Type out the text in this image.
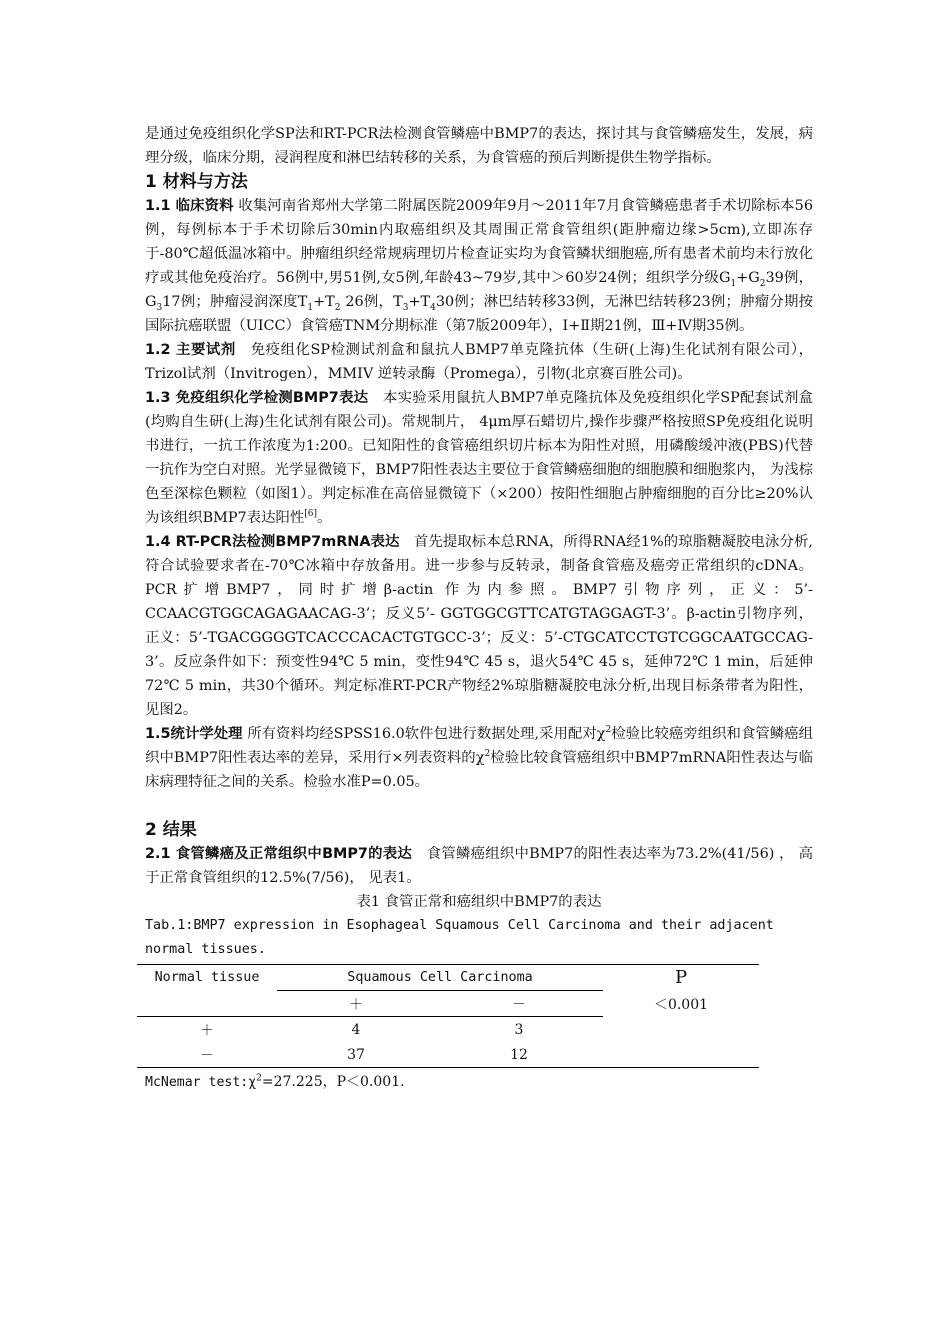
是通过免疫组织化学SP法和RT-PCR法检测食管鳞癌中BMP7的表达，探讨其与食管鳞癌发生，发展，病理分级，临床分期，浸润程度和淋巴结转移的关系，为食管癌的预后判断提供生物学指标。

1 材料与方法

1.1 临床资料 收集河南省郑州大学第二附属医院2009年9月～2011年7月食管鳞癌患者手术切除标本56例，每例标本于手术切除后30min内取癌组织及其周围正常食管组织(距肿瘤边缘>5cm),立即冻存于-80℃超低温冰箱中。肿瘤组织经常规病理切片检查证实均为食管鳞状细胞癌,所有患者术前均未行放化疗或其他免疫治疗。56例中,男51例,女5例,年龄43~79岁,其中＞60岁24例；组织学分级$G_1+G_239$例，$G_317$例；肿瘤浸润深度$T_1+T_2$ 26例，$T_3+T_430$例；淋巴结转移33例，无淋巴结转移23例；肿瘤分期按国际抗癌联盟（UICC）食管癌TNM分期标准（第7版2009年），Ⅰ+Ⅱ期21例，Ⅲ+Ⅳ期35例。

1.2 主要试剂　免疫组化SP检测试剂盒和鼠抗人BMP7单克隆抗体（生研(上海)生化试剂有限公司），Trizol试剂（Invitrogen），MMIV 逆转录酶（Promega），引物(北京赛百胜公司)。

1.3 免疫组织化学检测BMP7表达　本实验采用鼠抗人BMP7单克隆抗体及免疫组织化学SP配套试剂盒(均购自生研(上海)生化试剂有限公司)。常规制片， 4μm厚石蜡切片,操作步骤严格按照SP免疫组化说明书进行，一抗工作浓度为1:200。已知阳性的食管癌组织切片标本为阳性对照，用磷酸缓冲液(PBS)代替一抗作为空白对照。光学显微镜下，BMP7阳性表达主要位于食管鳞癌细胞的细胞膜和细胞浆内， 为浅棕色至深棕色颗粒（如图1）。判定标准在高倍显微镜下（×200）按阳性细胞占肿瘤细胞的百分比≥20%认为该组织BMP7表达阳性[6]。

1.4 RT-PCR法检测BMP7mRNA表达　首先提取标本总RNA，所得RNA经1%的琼脂糖凝胶电泳分析,符合试验要求者在-70℃冰箱中存放备用。进一步参与反转录，制备食管癌及癌旁正常组织的cDNA。PCR扩增BMP7，同时扩增β-actin 作为内参照。BMP7引物序列，正义：5’-CCAACGTGGCAGAGAACAG-3’；反义5’- GGTGGCGTTCATGTAGGAGT-3’。β-actin引物序列，正义：5’-TGACGGGGTCACCCACACTGTGCC-3’；反义：5’-CTGCATCCTGTCGGCAATGCCAG-3’。反应条件如下：预变性94℃ 5 min，变性94℃ 45 s，退火54℃ 45 s，延伸72℃ 1 min，后延伸72℃ 5 min，共30个循环。判定标准RT-PCR产物经2%琼脂糖凝胶电泳分析,出现目标条带者为阳性，见图2。

1.5统计学处理 所有资料均经SPSS16.0软件包进行数据处理,采用配对$\chi^2$检验比较癌旁组织和食管鳞癌组织中BMP7阳性表达率的差异，采用行×列表资料的$\chi^2$检验比较食管癌组织中BMP7mRNA阳性表达与临床病理特征之间的关系。检验水准P=0.05。

2 结果

2.1 食管鳞癌及正常组织中BMP7的表达　食管鳞癌组织中BMP7的阳性表达率为73.2%(41/56) ， 高于正常食管组织的12.5%(7/56)， 见表1。

表1 食管正常和癌组织中BMP7的表达

Tab.1:BMP7 expression in Esophageal Squamous Cell Carcinoma and their adjacent normal tissues.

Normal tissue	Squamous Cell Carcinoma		P
	＋	－	＜0.001
＋	4	3	
－	37	12	

McNemar $test:\chi^2=27.225$，P＜0.001.
